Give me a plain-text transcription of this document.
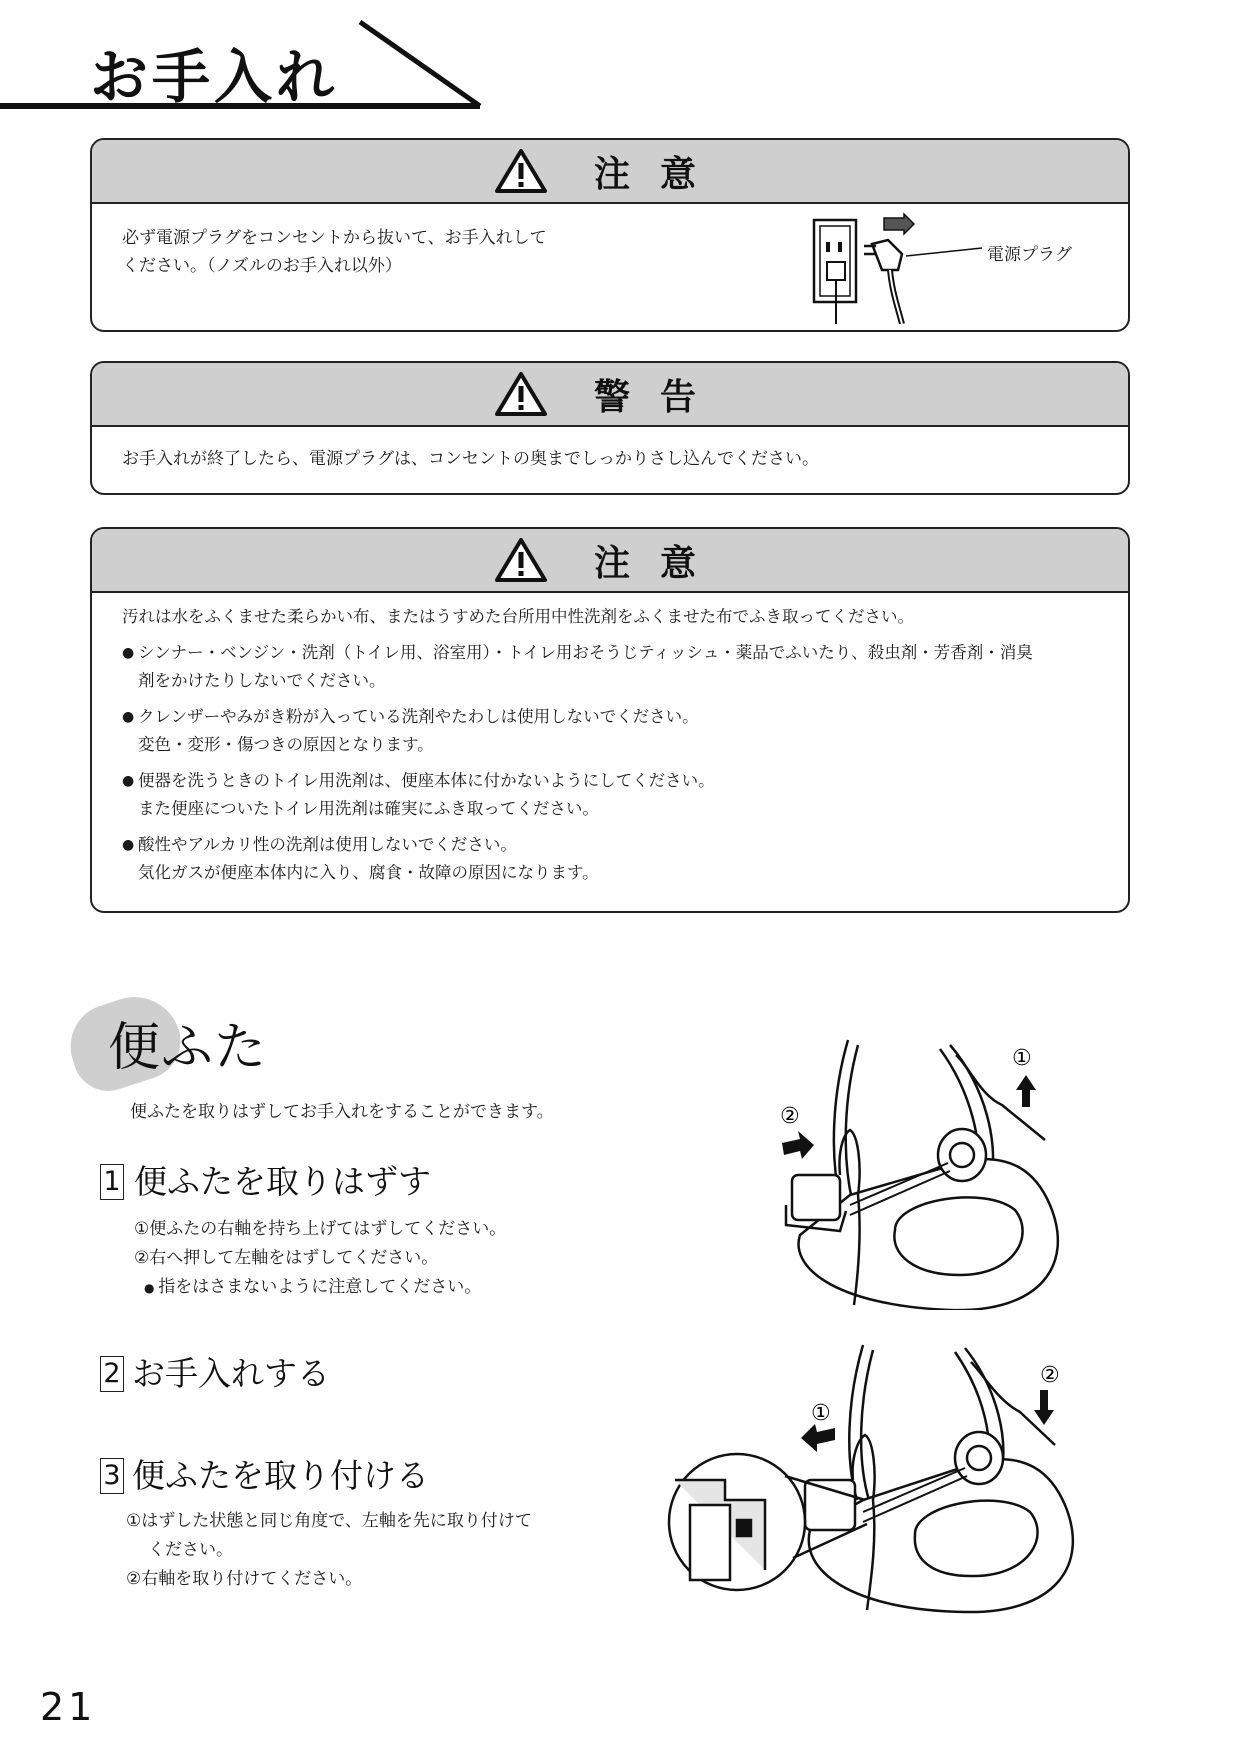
お手入れ
注意
必ず電源プラグをコンセントから抜いて、お手入れして
ください。（ノズルのお手入れ以外）
電源プラグ
警告
お手入れが終了したら、電源プラグは、コンセントの奥までしっかりさし込んでください。
注意
汚れは水をふくませた柔らかい布、またはうすめた台所用中性洗剤をふくませた布でふき取ってください。
● シンナー・ベンジン・洗剤（トイレ用、浴室用）・トイレ用おそうじティッシュ・薬品でふいたり、殺虫剤・芳香剤・消臭
剤をかけたりしないでください。
● クレンザーやみがき粉が入っている洗剤やたわしは使用しないでください。
変色・変形・傷つきの原因となります。
● 便器を洗うときのトイレ用洗剤は、便座本体に付かないようにしてください。
また便座についたトイレ用洗剤は確実にふき取ってください。
● 酸性やアルカリ性の洗剤は使用しないでください。
気化ガスが便座本体内に入り、腐食・故障の原因になります。
便ふた
便ふたを取りはずしてお手入れをすることができます。
1 便ふたを取りはずす
①便ふたの右軸を持ち上げてはずしてください。
②右へ押して左軸をはずしてください。
● 指をはさまないように注意してください。
2 お手入れする
3 便ふたを取り付ける
①はずした状態と同じ角度で、左軸を先に取り付けて
ください。
②右軸を取り付けてください。
①
②
①
②
21
